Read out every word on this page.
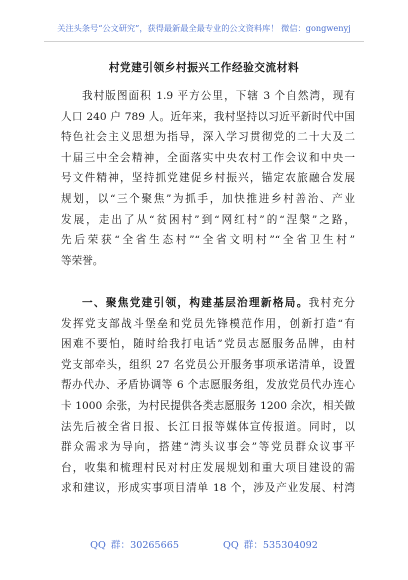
关注头条号“公文研究”，获得最新最全最专业的公文资料库！ 微信：gongwenyj
村党建引领乡村振兴工作经验交流材料
我村版图面积 1.9 平方公里，下辖 3 个自然湾，现有
人口 240 户 789 人。近年来，我村坚持以习近平新时代中国
特色社会主义思想为指导，深入学习贯彻党的二十大及二
十届三中全会精神，全面落实中央农村工作会议和中央一
号文件精神，坚持抓党建促乡村振兴，锚定农旅融合发展
规划，以“三个聚焦”为抓手，加快推进乡村善治、产业
发展，走出了从“贫困村”到“网红村”的“涅槃”之路，
先后荣获“全省生态村”“全省文明村”“全省卫生村”
等荣誉。
一、聚焦党建引领，构建基层治理新格局。我村充分
发挥党支部战斗堡垒和党员先锋模范作用，创新打造“有
困难不要怕，随时给我打电话”党员志愿服务品牌，由村
党支部牵头，组织 27 名党员公开服务事项承诺清单，设置
帮办代办、矛盾协调等 6 个志愿服务组，发放党员代办连心
卡 1000 余张，为村民提供各类志愿服务 1200 余次，相关做
法先后被全省日报、长江日报等媒体宣传报道。同时，以
群众需求为导向，搭建“湾头议事会”等党员群众议事平
台，收集和梳理村民对村庄发展规划和重大项目建设的需
求和建议，形成实事项目清单 18 个，涉及产业发展、村湾
QQ 群：30265665	QQ 群：535304092
